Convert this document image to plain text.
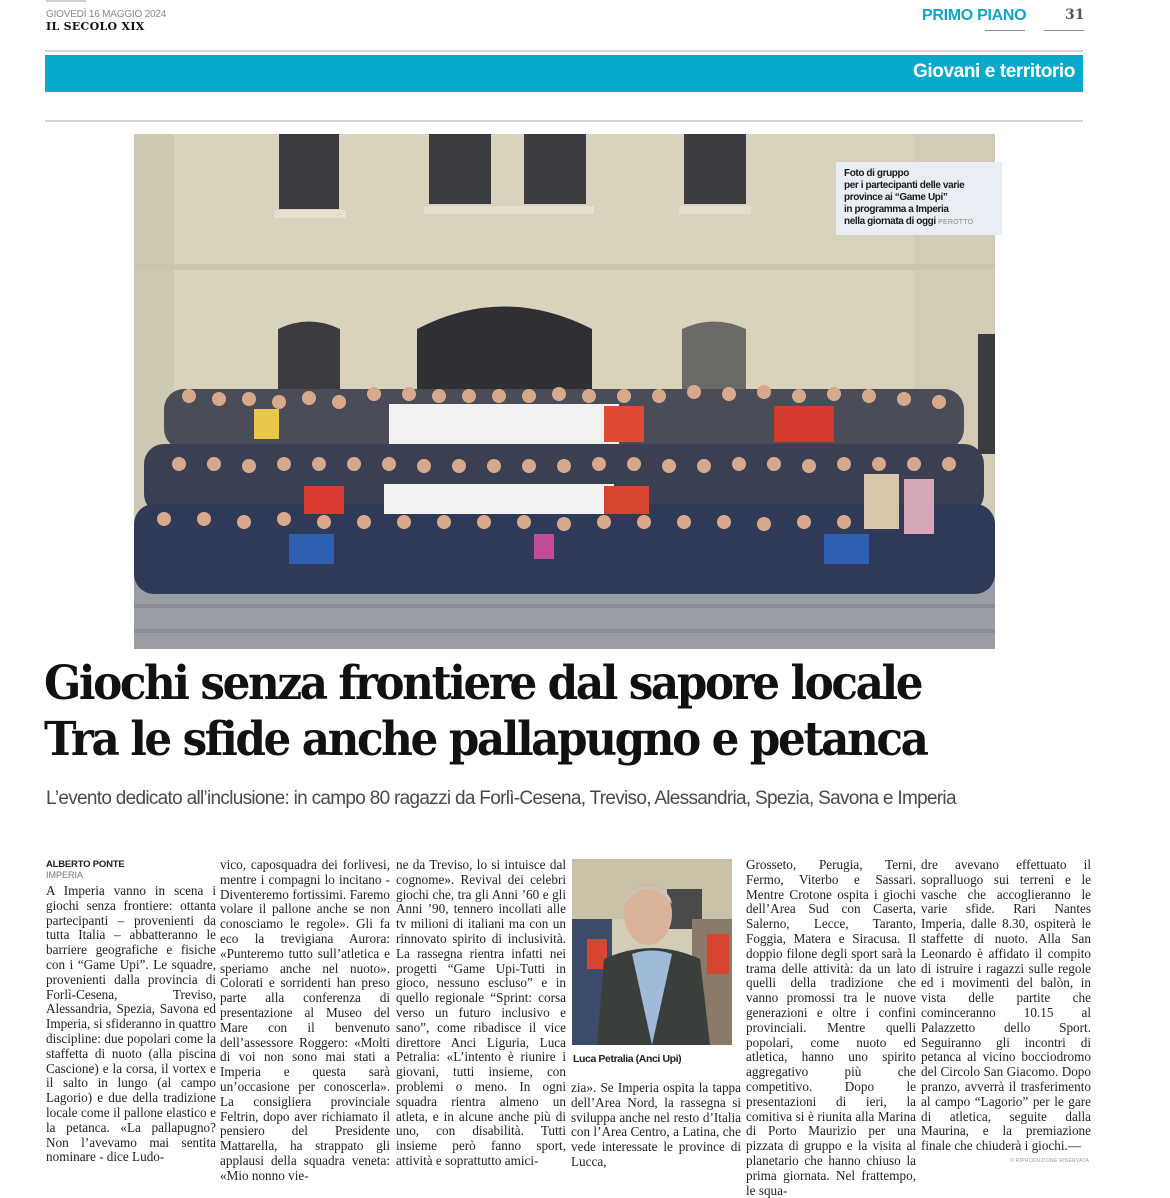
GIOVEDÌ 16 MAGGIO 2024
IL SECOLO XIX
PRIMO PIANO	31
Giovani e territorio
Foto di gruppo
per i partecipanti delle varie
province ai “Game Upi”
in programma a Imperia
nella giornata di oggi PEROTTO
Giochi senza frontiere dal sapore locale
Tra le sfide anche pallapugno e petanca
L’evento dedicato all’inclusione: in campo 80 ragazzi da Forlì-Cesena, Treviso, Alessandria, Spezia, Savona e Imperia
ALBERTO PONTE
IMPERIA
A Imperia vanno in scena i giochi senza frontiere: ottanta partecipanti – provenienti da tutta Italia – abbatteranno le barriere geografiche e fisiche con i “Game Upi”. Le squadre, provenienti dalla provincia di Forlì-Cesena, Treviso, Alessandria, Spezia, Savona ed Imperia, si sfideranno in quattro discipline: due popolari come la staffetta di nuoto (alla piscina Cascione) e la corsa, il vortex e il salto in lungo (al campo Lagorio) e due della tradizione locale come il pallone elastico e la petanca. «La pallapugno? Non l’avevamo mai sentita nominare - dice Ludo-
vico, caposquadra dei forlivesi, mentre i compagni lo incitano - Diventeremo fortissimi. Faremo volare il pallone anche se non conosciamo le regole». Gli fa eco la trevigiana Aurora: «Punteremo tutto sull’atletica e speriamo anche nel nuoto». Colorati e sorridenti han preso parte alla conferenza di presentazione al Museo del Mare con il benvenuto dell’assessore Roggero: «Molti di voi non sono mai stati a Imperia e questa sarà un’occasione per conoscerla». La consigliera provinciale Feltrin, dopo aver richiamato il pensiero del Presidente Mattarella, ha strappato gli applausi della squadra veneta: «Mio nonno vie-
ne da Treviso, lo si intuisce dal cognome». Revival dei celebri giochi che, tra gli Anni ’60 e gli Anni ’90, tennero incollati alle tv milioni di italiani ma con un rinnovato spirito di inclusività. La rassegna rientra infatti nei progetti “Game Upi-Tutti in gioco, nessuno escluso” e in quello regionale “Sprint: corsa verso un futuro inclusivo e sano”, come ribadisce il vice direttore Anci Liguria, Luca Petralia: «L’intento è riunire i giovani, tutti insieme, con problemi o meno. In ogni squadra rientra almeno un atleta, e in alcune anche più di uno, con disabilità. Tutti insieme però fanno sport, attività e soprattutto amici-
Luca Petralia (Anci Upi)
zia». Se Imperia ospita la tappa dell’Area Nord, la rassegna si sviluppa anche nel resto d’Italia con l’Area Centro, a Latina, che vede interessate le province di Lucca,
Grosseto, Perugia, Terni, Fermo, Viterbo e Sassari. Mentre Crotone ospita i giochi dell’Area Sud con Caserta, Salerno, Lecce, Taranto, Foggia, Matera e Siracusa. Il doppio filone degli sport sarà la trama delle attività: da un lato quelli della tradizione che vanno promossi tra le nuove generazioni e oltre i confini provinciali. Mentre quelli popolari, come nuoto ed atletica, hanno uno spirito aggregativo più che competitivo. Dopo le presentazioni di ieri, la comitiva si è riunita alla Marina di Porto Maurizio per una pizzata di gruppo e la visita al planetario che hanno chiuso la prima giornata. Nel frattempo, le squa-
dre avevano effettuato il sopralluogo sui terreni e le vasche che accoglieranno le varie sfide. Rari Nantes Imperia, dalle 8.30, ospiterà le staffette di nuoto. Alla San Leonardo è affidato il compito di istruire i ragazzi sulle regole ed i movimenti del balòn, in vista delle partite che cominceranno 10.15 al Palazzetto dello Sport. Seguiranno gli incontri di petanca al vicino bocciodromo del Circolo San Giacomo. Dopo pranzo, avverrà il trasferimento al campo “Lagorio” per le gare di atletica, seguite dalla Maurina, e la premiazione finale che chiuderà i giochi.—
© RIPRODUZIONE RISERVATA
